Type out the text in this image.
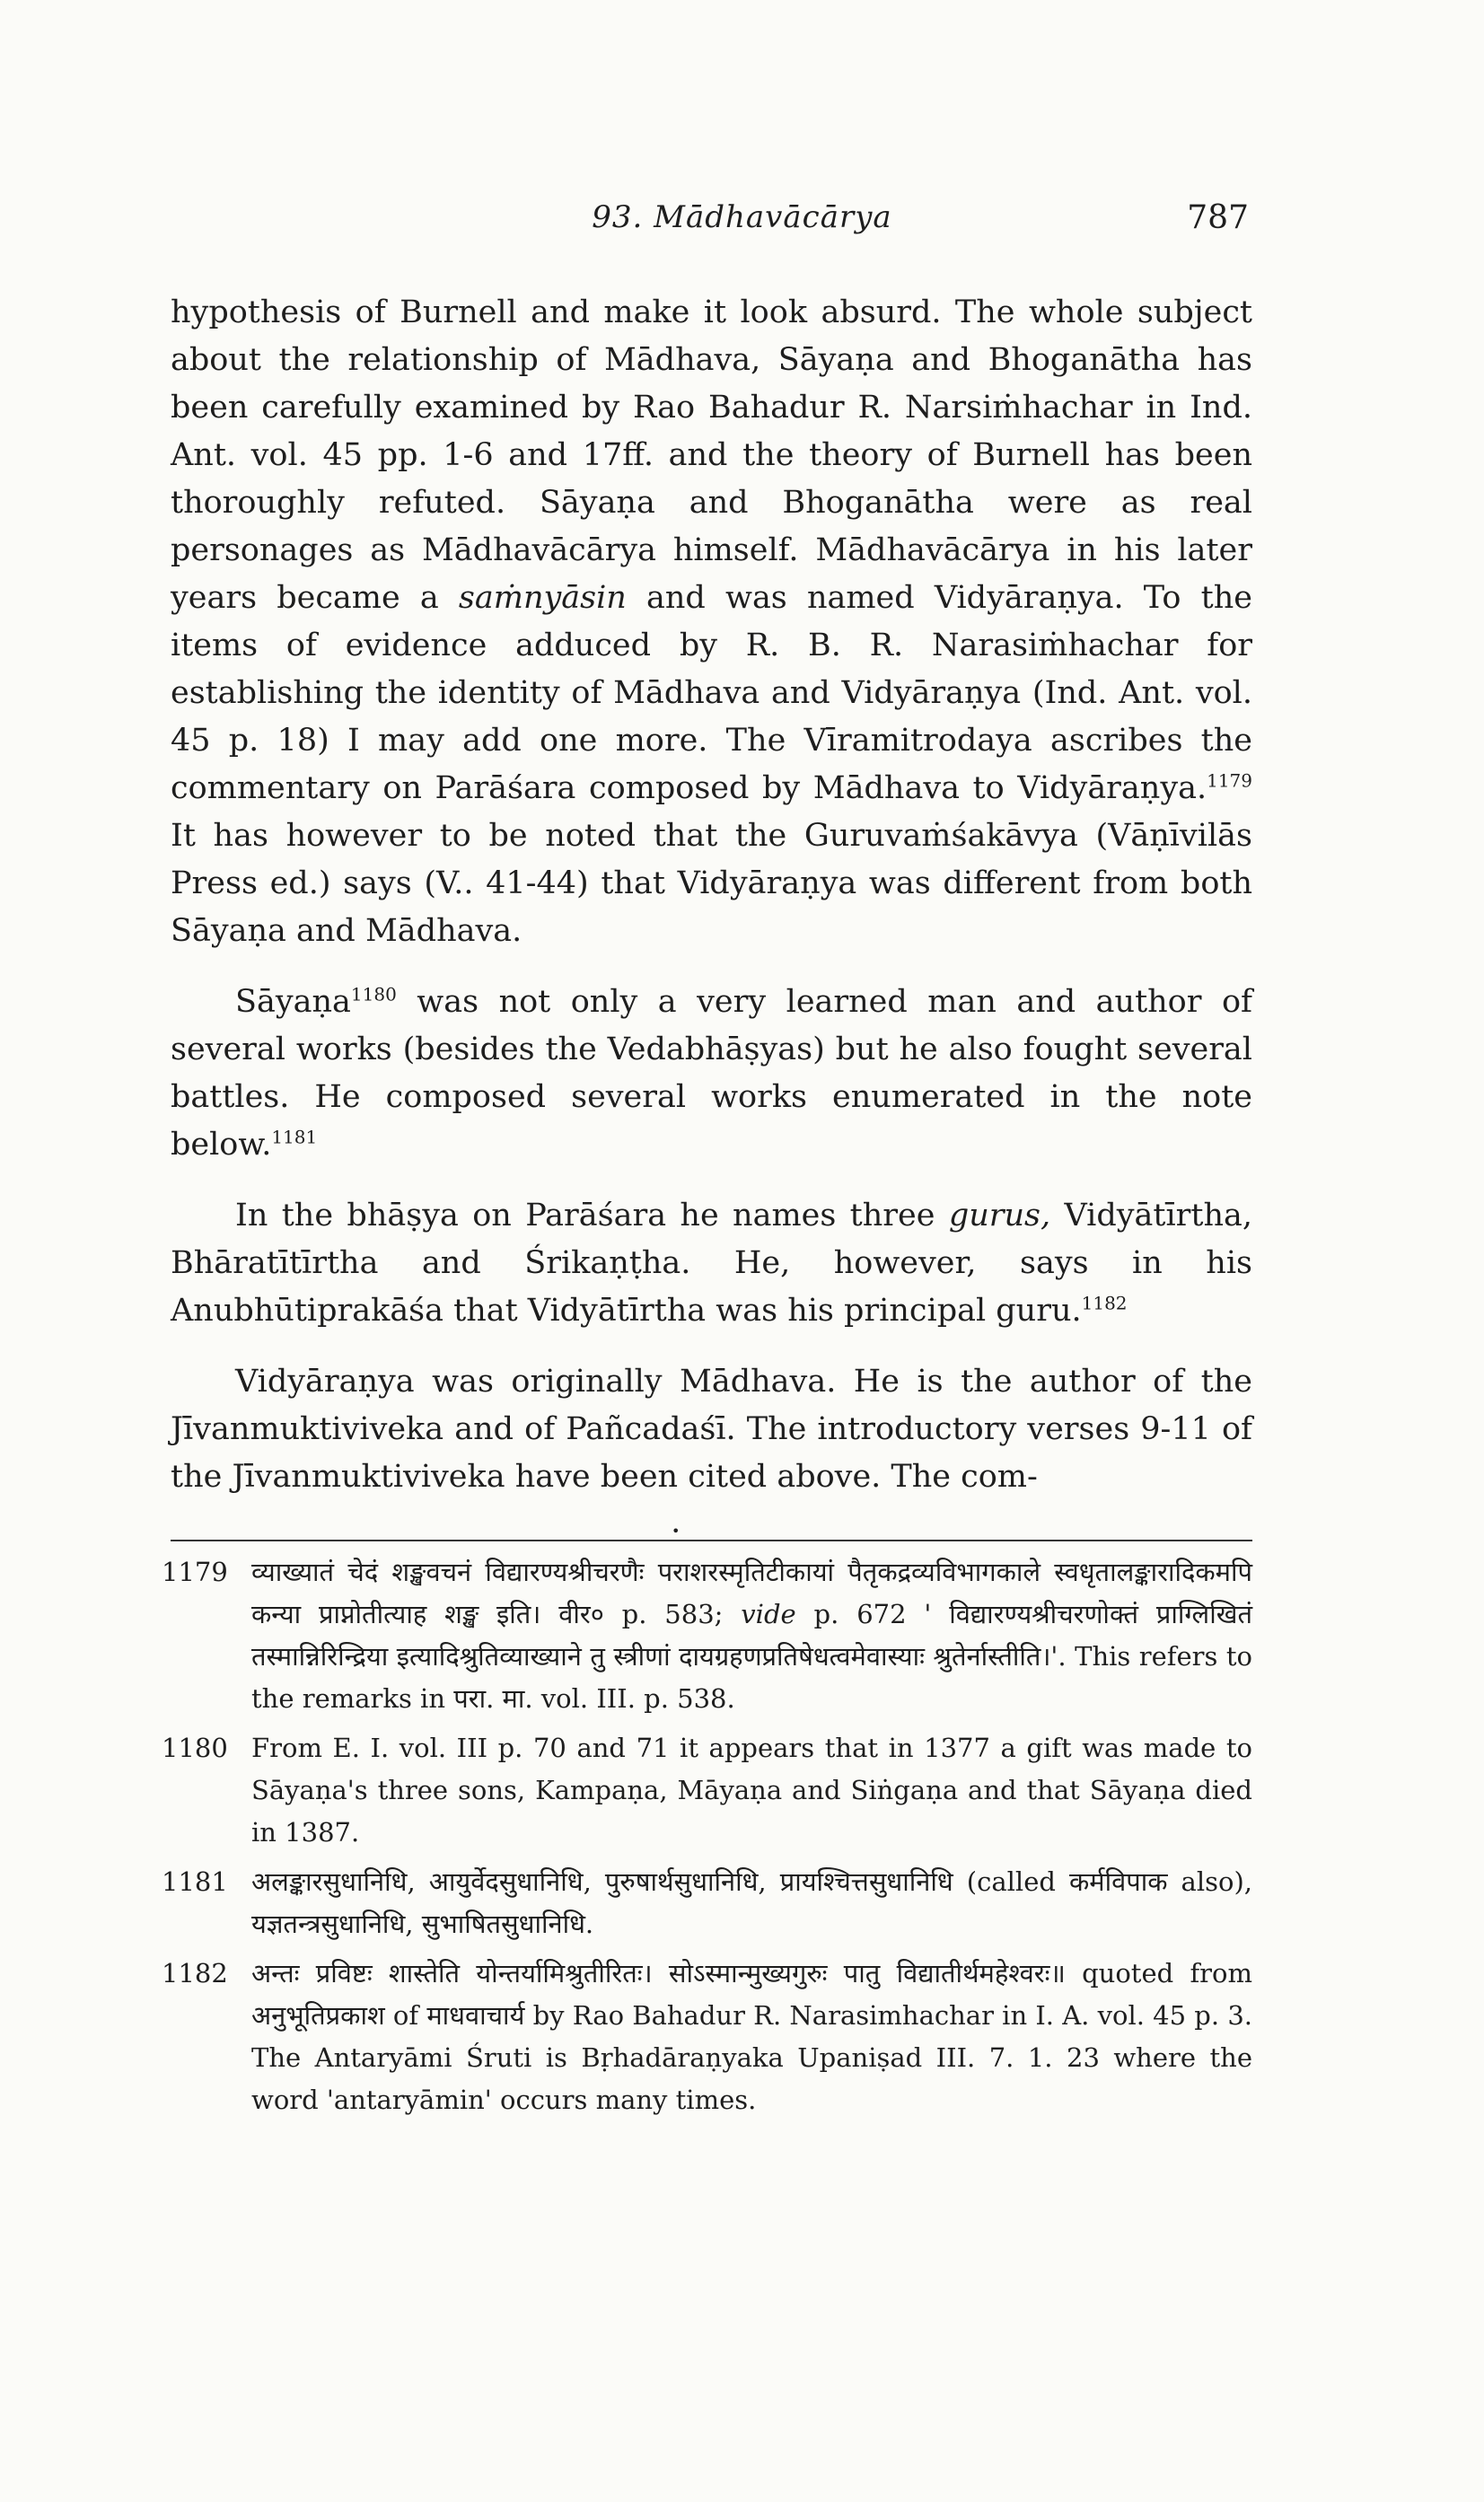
93. Mādhavācārya	787

hypothesis of Burnell and make it look absurd. The whole subject about the relationship of Mādhava, Sāyaṇa and Bhoganātha has been carefully examined by Rao Bahadur R. Narsiṁhachar in Ind. Ant. vol. 45 pp. 1-6 and 17ff. and the theory of Burnell has been thoroughly refuted. Sāyaṇa and Bhoganātha were as real personages as Mādhavācārya himself. Mādhavācārya in his later years became a saṁnyāsin and was named Vidyāraṇya. To the items of evidence adduced by R. B. R. Narasiṁhachar for establishing the identity of Mādhava and Vidyāraṇya (Ind. Ant. vol. 45 p. 18) I may add one more. The Vīramitrodaya ascribes the commentary on Parāśara composed by Mādhava to Vidyāraṇya.$^{1179}$ It has however to be noted that the Guruvaṁśakāvya (Vāṇīvilās Press ed.) says (V.. 41-44) that Vidyāraṇya was different from both Sāyaṇa and Mādhava.

Sāyaṇa$^{1180}$ was not only a very learned man and author of several works (besides the Vedabhāṣyas) but he also fought several battles. He composed several works enumerated in the note below.$^{1181}$

In the bhāṣya on Parāśara he names three gurus, Vidyātīrtha, Bhāratītīrtha and Śrikaṇṭha. He, however, says in his Anubhūtiprakāśa that Vidyātīrtha was his principal guru.$^{1182}$

Vidyāraṇya was originally Mādhava. He is the author of the Jīvanmuktiviveka and of Pañcadaśī. The introductory verses 9-11 of the Jīvanmuktiviveka have been cited above. The com-

•
1179 व्याख्यातं चेदं शङ्खवचनं विद्यारण्यश्रीचरणैः पराशरस्मृतिटीकायां पैतृकद्रव्यविभागकाले स्वधृतालङ्कारादिकमपि कन्या प्राप्नोतीत्याह शङ्ख इति। वीर० p. 583; vide p. 672 ' विद्यारण्यश्रीचरणोक्तं प्राग्लिखितं तस्मान्निरिन्द्रिया इत्यादिश्रुतिव्याख्याने तु स्त्रीणां दायग्रहणप्रतिषेधत्वमेवास्याः श्रुतेर्नास्तीति।'. This refers to the remarks in परा. मा. vol. III. p. 538.

1180 From E. I. vol. III p. 70 and 71 it appears that in 1377 a gift was made to Sāyaṇa's three sons, Kampaṇa, Māyaṇa and Siṅgaṇa and that Sāyaṇa died in 1387.

1181 अलङ्कारसुधानिधि, आयुर्वेदसुधानिधि, पुरुषार्थसुधानिधि, प्रायश्चित्तसुधानिधि (called कर्मविपाक also), यज्ञतन्त्रसुधानिधि, सुभाषितसुधानिधि.

1182 अन्तः प्रविष्टः शास्तेति योन्तर्यामिश्रुतीरितः। सोऽस्मान्मुख्यगुरुः पातु विद्यातीर्थमहेश्वरः॥ quoted from अनुभूतिप्रकाश of माधवाचार्य by Rao Bahadur R. Narasimhachar in I. A. vol. 45 p. 3. The Antaryāmi Śruti is Bṛhadāraṇyaka Upaniṣad III. 7. 1. 23 where the word 'antaryāmin' occurs many times.
